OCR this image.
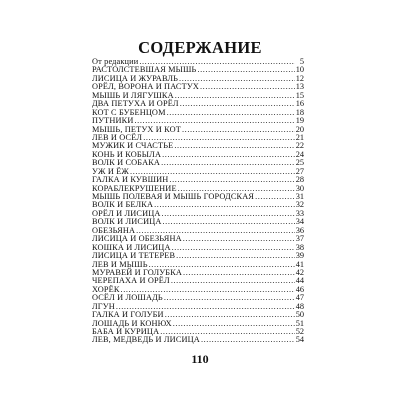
СОДЕРЖАНИЕ
От редакции .....	5
РАСТОЛСТЕВШАЯ МЫШЬ .....	10
ЛИСИЦА И ЖУРАВЛЬ .....	12
ОРЁЛ, ВОРОНА И ПАСТУХ .....	13
МЫШЬ И ЛЯГУШКА .....	15
ДВА ПЕТУХА И ОРЁЛ .....	16
КОТ С БУБЕНЦОМ .....	18
ПУТНИКИ .....	19
МЫШЬ, ПЕТУХ И КОТ .....	20
ЛЕВ И ОСЁЛ .....	21
МУЖИК И СЧАСТЬЕ .....	22
КОНЬ И КОБЫЛА .....	24
ВОЛК И СОБАКА .....	25
УЖ И ЁЖ .....	27
ГАЛКА И КУВШИН .....	28
КОРАБЛЕКРУШЕНИЕ .....	30
МЫШЬ ПОЛЕВАЯ И МЫШЬ ГОРОДСКАЯ .....	31
ВОЛК И БЕЛКА .....	32
ОРЁЛ И ЛИСИЦА .....	33
ВОЛК И ЛИСИЦА .....	34
ОБЕЗЬЯНА .....	36
ЛИСИЦА И ОБЕЗЬЯНА .....	37
КОШКА И ЛИСИЦА .....	38
ЛИСИЦА И ТЕТЕРЕВ .....	39
ЛЕВ И МЫШЬ .....	41
МУРАВЕЙ И ГОЛУБКА .....	42
ЧЕРЕПАХА И ОРЁЛ .....	44
ХОРЁК .....	46
ОСЁЛ И ЛОШАДЬ .....	47
ЛГУН .....	48
ГАЛКА И ГОЛУБИ .....	50
ЛОШАДЬ И КОНЮХ .....	51
БАБА И КУРИЦА .....	52
ЛЕВ, МЕДВЕДЬ И ЛИСИЦА .....	54
110
